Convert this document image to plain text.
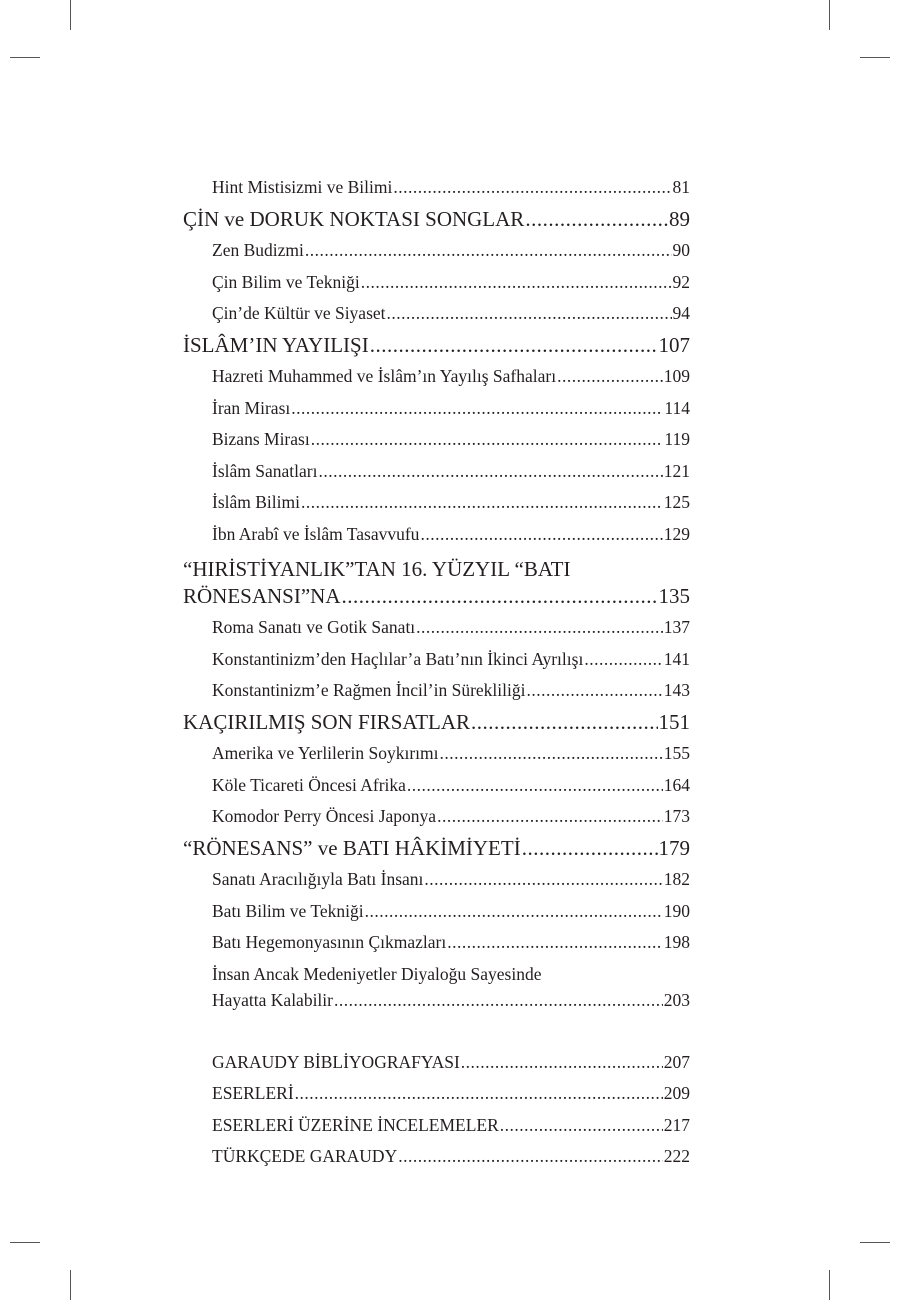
Hint Mistisizmi ve Bilimi .....	81
ÇİN ve DORUK NOKTASI SONGLAR .....	89
Zen Budizmi .....	90
Çin Bilim ve Tekniği .....	92
Çin’de Kültür ve Siyaset .....	94
İSLÂM’IN YAYILIŞI .....	107
Hazreti Muhammed ve İslâm’ın Yayılış Safhaları .....	109
İran Mirası .....	114
Bizans Mirası .....	119
İslâm Sanatları .....	121
İslâm Bilimi .....	125
İbn Arabî ve İslâm Tasavvufu .....	129
“HIRİSTİYANLIK”TAN 16. YÜZYIL “BATI
RÖNESANSI”NA .....	135
Roma Sanatı ve Gotik Sanatı .....	137
Konstantinizm’den Haçlılar’a Batı’nın İkinci Ayrılışı .....	141
Konstantinizm’e Rağmen İncil’in Sürekliliği .....	143
KAÇIRILMIŞ SON FIRSATLAR .....	151
Amerika ve Yerlilerin Soykırımı .....	155
Köle Ticareti Öncesi Afrika .....	164
Komodor Perry Öncesi Japonya .....	173
“RÖNESANS” ve BATI HÂKİMİYETİ .....	179
Sanatı Aracılığıyla Batı İnsanı .....	182
Batı Bilim ve Tekniği .....	190
Batı Hegemonyasının Çıkmazları .....	198
İnsan Ancak Medeniyetler Diyaloğu Sayesinde
Hayatta Kalabilir .....	203
GARAUDY BİBLİYOGRAFYASI .....	207
ESERLERİ .....	209
ESERLERİ ÜZERİNE İNCELEMELER .....	217
TÜRKÇEDE GARAUDY .....	222
